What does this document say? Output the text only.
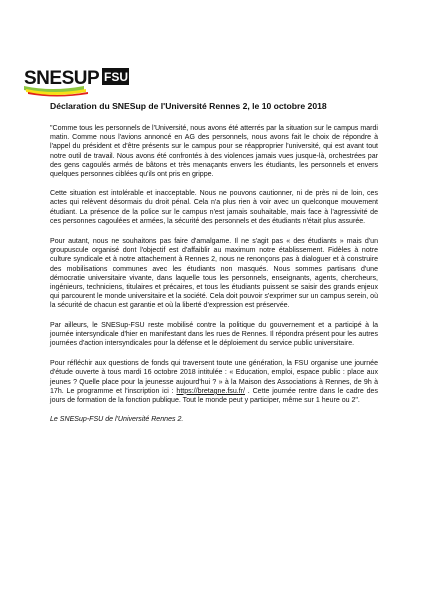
SNESUP FSU
Déclaration du SNESup de l'Université Rennes 2, le 10 octobre 2018

"Comme tous les personnels de l'Université, nous avons été atterrés par la situation sur le campus mardi matin. Comme nous l'avions annoncé en AG des personnels, nous avons fait le choix de répondre à l'appel du président et d'être présents sur le campus pour se réapproprier l'université, qui est avant tout notre outil de travail. Nous avons été confrontés à des violences jamais vues jusque-là, orchestrées par des gens cagoulés armés de bâtons et très menaçants envers les étudiants, les personnels et envers quelques personnes ciblées qu'ils ont pris en grippe.

Cette situation est intolérable et inacceptable. Nous ne pouvons cautionner, ni de près ni de loin, ces actes qui relèvent désormais du droit pénal. Cela n'a plus rien à voir avec un quelconque mouvement étudiant. La présence de la police sur le campus n'est jamais souhaitable, mais face à l'agressivité de ces personnes cagoulées et armées, la sécurité des personnels et des étudiants n'était plus assurée.

Pour autant, nous ne souhaitons pas faire d'amalgame. Il ne s'agit pas « des étudiants » mais d'un groupuscule organisé dont l'objectif est d'affaiblir au maximum notre établissement. Fidèles à notre culture syndicale et à notre attachement à Rennes 2, nous ne renonçons pas à dialoguer et à construire des mobilisations communes avec les étudiants non masqués. Nous sommes partisans d'une démocratie universitaire vivante, dans laquelle tous les personnels, enseignants, agents, chercheurs, ingénieurs, techniciens, titulaires et précaires, et tous les étudiants puissent se saisir des grands enjeux qui parcourent le monde universitaire et la société. Cela doit pouvoir s'exprimer sur un campus serein, où la sécurité de chacun est garantie et où la liberté d'expression est préservée.

Par ailleurs, le SNESup-FSU reste mobilisé contre la politique du gouvernement et a participé à la journée intersyndicale d'hier en manifestant dans les rues de Rennes. Il répondra présent pour les autres journées d'action intersyndicales pour la défense et le déploiement du service public universitaire.

Pour réfléchir aux questions de fonds qui traversent toute une génération, la FSU organise une journée d'étude ouverte à tous mardi 16 octobre 2018 intitulée : « Education, emploi, espace public : place aux jeunes ? Quelle place pour la jeunesse aujourd'hui ? » à la Maison des Associations à Rennes, de 9h à 17h. Le programme et l'inscription ici : https://bretagne.fsu.fr/ . Cette journée rentre dans le cadre des jours de formation de la fonction publique. Tout le monde peut y participer, même sur 1 heure ou 2".

Le SNESup-FSU de l'Université Rennes 2.
